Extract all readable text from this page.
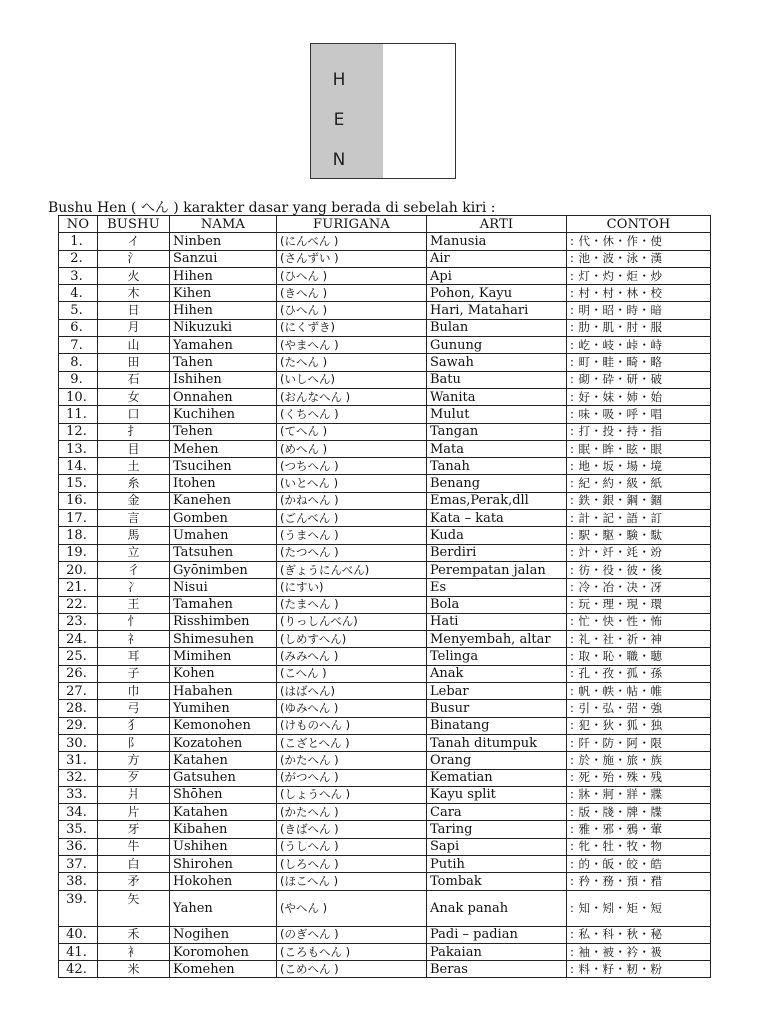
H
E
N
Bushu Hen ( へん ) karakter dasar yang berada di sebelah kiri :
NO	BUSHU	NAMA	FURIGANA	ARTI	CONTOH
1.	イ	Ninben	(にんべん )	Manusia	: 代・休・作・使
2.	氵	Sanzui	(さんずい )	Air	: 池・波・泳・漢
3.	火	Hihen	(ひへん )	Api	: 灯・灼・炬・炒
4.	木	Kihen	(きへん )	Pohon, Kayu	: 村・村・林・校
5.	日	Hihen	(ひへん )	Hari, Matahari	: 明・昭・時・暗
6.	月	Nikuzuki	(にくずき)	Bulan	: 肋・肌・肘・服
7.	山	Yamahen	(やまへん )	Gunung	: 屹・岐・峠・峙
8.	田	Tahen	(たへん )	Sawah	: 町・畦・畸・略
9.	石	Ishihen	(いしへん)	Batu	: 砌・砕・研・破
10.	女	Onnahen	(おんなへん )	Wanita	: 好・妹・姉・始
11.	口	Kuchihen	(くちへん )	Mulut	: 味・吸・呼・唱
12.	扌	Tehen	(てへん )	Tangan	: 打・投・持・指
13.	目	Mehen	(めへん )	Mata	: 眠・眸・眩・眼
14.	土	Tsucihen	(つちへん )	Tanah	: 地・坂・場・境
15.	糸	Itohen	(いとへん )	Benang	: 紀・約・級・紙
16.	金	Kanehen	(かねへん )	Emas,Perak,dll	: 鉄・銀・鋼・錮
17.	言	Gomben	(ごんべん )	Kata – kata	: 計・記・語・訂
18.	馬	Umahen	(うまへん )	Kuda	: 駅・駆・験・駄
19.	立	Tatsuhen	(たつへん )	Berdiri	: 竍・竏・竓・竕
20.	彳	Gyōnimben	(ぎょうにんべん)	Perempatan jalan	: 彷・役・彼・後
21.	冫	Nisui	(にすい)	Es	: 冷・冶・决・冴
22.	王	Tamahen	(たまへん )	Bola	: 玩・理・現・環
23.	忄	Risshimben	(りっしんべん)	Hati	: 忙・快・性・怖
24.	礻	Shimesuhen	(しめすへん)	Menyembah, altar	: 礼・社・祈・神
25.	耳	Mimihen	(みみへん )	Telinga	: 取・恥・職・聴
26.	子	Kohen	(こへん )	Anak	: 孔・孜・孤・孫
27.	巾	Habahen	(はばへん)	Lebar	: 帆・帙・帖・帷
28.	弓	Yumihen	(ゆみへん )	Busur	: 引・弘・弨・強
29.	犭	Kemonohen	(けものへん )	Binatang	: 犯・狄・狐・独
30.	阝	Kozatohen	(こざとへん )	Tanah ditumpuk	: 阡・防・阿・限
31.	方	Katahen	(かたへん )	Orang	: 於・施・旅・族
32.	歹	Gatsuhen	(がつへん )	Kematian	: 死・殆・殊・残
33.	爿	Shōhen	(しょうへん )	Kayu split	: 牀・牁・牂・牃
34.	片	Katahen	(かたへん )	Cara	: 版・牋・牌・牒
35.	牙	Kibahen	(きばへん )	Taring	: 雅・邪・鴉・葷
36.	牛	Ushihen	(うしへん )	Sapi	: 牝・牡・牧・物
37.	白	Shirohen	(しろへん )	Putih	: 的・皈・皎・皓
38.	矛	Hokohen	(ほこへん )	Tombak	: 矜・務・預・矠
39.	矢	Yahen	(やへん )	Anak panah	: 知・矧・矩・短
40.	禾	Nogihen	(のぎへん )	Padi – padian	: 私・科・秋・秘
41.	衤	Koromohen	(ころもへん )	Pakaian	: 袖・被・衿・衱
42.	米	Komehen	(こめへん )	Beras	: 料・籽・籾・粉
